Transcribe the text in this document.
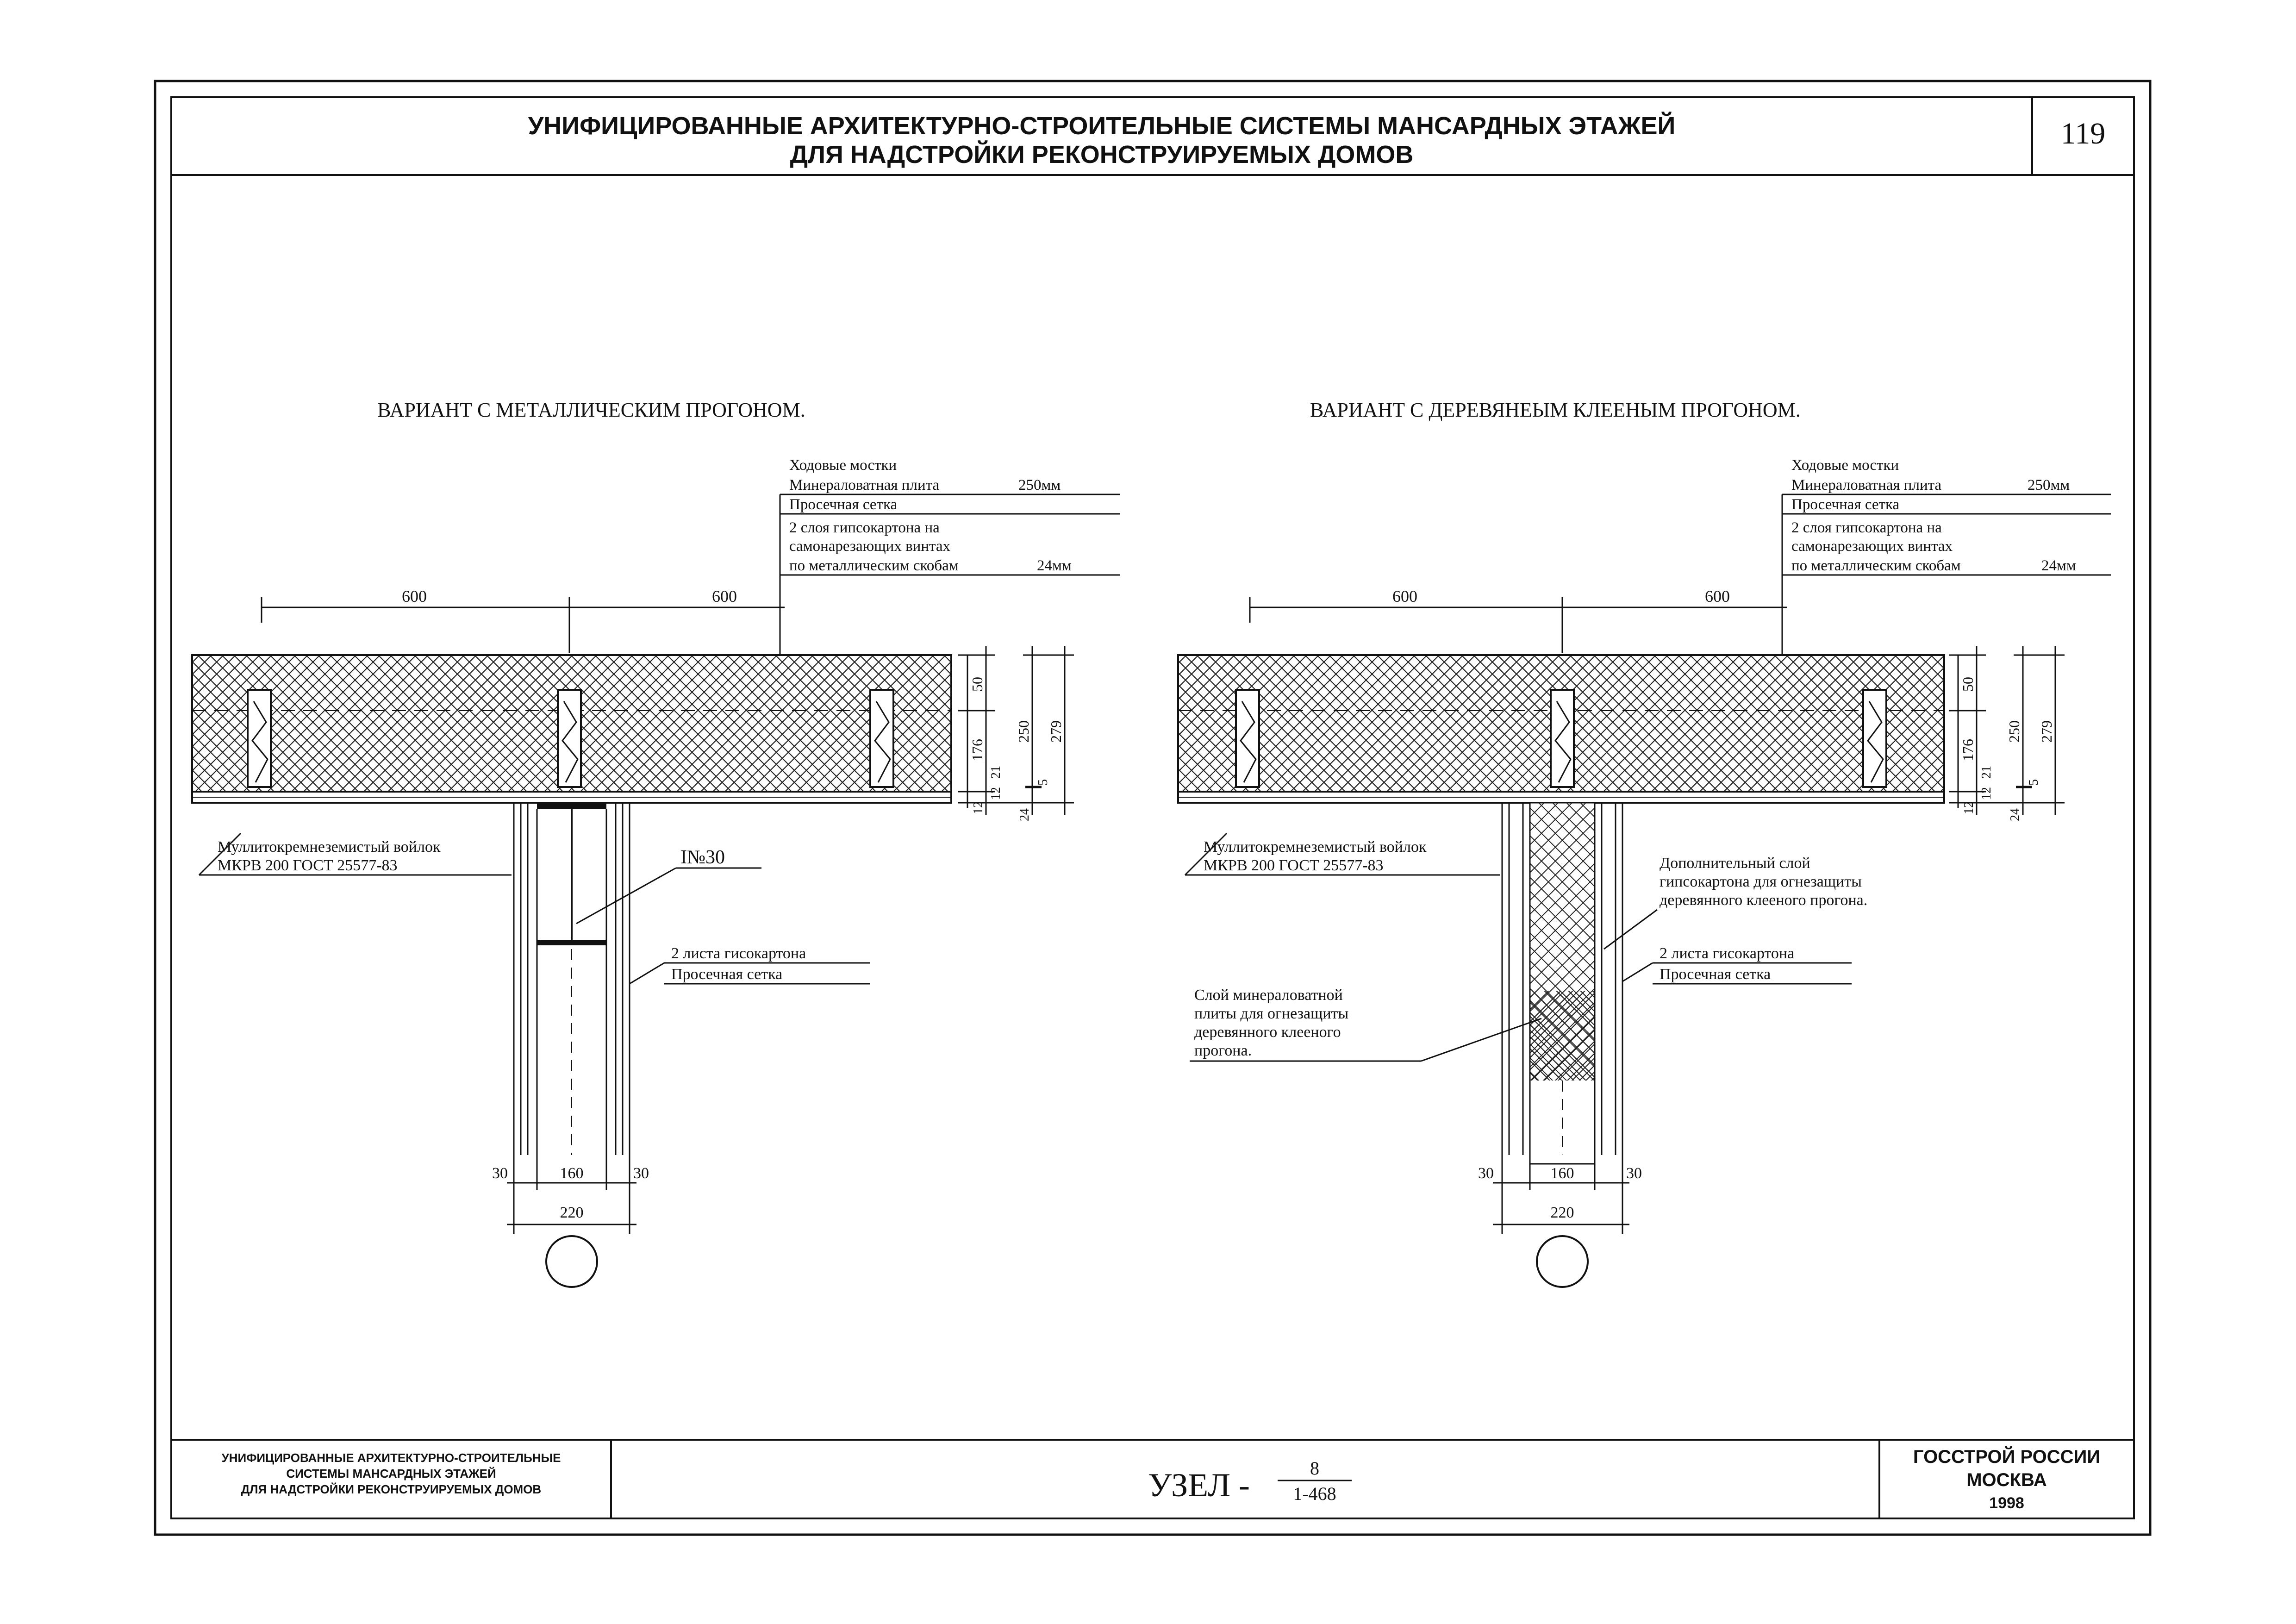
УНИФИЦИРОВАННЫЕ АРХИТЕКТУРНО-СТРОИТЕЛЬНЫЕ СИСТЕМЫ МАНСАРДНЫХ ЭТАЖЕЙ
ДЛЯ НАДСТРОЙКИ РЕКОНСТРУИРУЕМЫХ ДОМОВ
119
ВАРИАНТ С МЕТАЛЛИЧЕСКИМ ПРОГОНОМ.
Ходовые мостки
Минераловатная плита	250мм
Просечная сетка
2 слоя гипсокартона на
самонарезающих винтах
по металлическим скобам	24мм
600	600
I№30
Муллитокремнеземистый войлок
МКРВ 200 ГОСТ 25577-83
2 листа гисокартона
Просечная сетка
50
176
21
12
12
250
5
279
24
30	160	30
220
ВАРИАНТ С ДЕРЕВЯНЕЫМ КЛЕЕНЫМ ПРОГОНОМ.
Ходовые мостки
Минераловатная плита	250мм
Просечная сетка
2 слоя гипсокартона на
самонарезающих винтах
по металлическим скобам	24мм
600	600
Муллитокремнеземистый войлок
МКРВ 200 ГОСТ 25577-83	Дополнительный слой
гипсокартона для огнезащиты
деревянного клееного прогона.
2 листа гисокартона
Просечная сетка
Слой минераловатной
плиты для огнезащиты
деревянного клееного
прогона.
50
176
21
12
12
250
5
279
24
30	160	30
220
УНИФИЦИРОВАННЫЕ АРХИТЕКТУРНО-СТРОИТЕЛЬНЫЕ
СИСТЕМЫ МАНСАРДНЫХ ЭТАЖЕЙ
ДЛЯ НАДСТРОЙКИ РЕКОНСТРУИРУЕМЫХ ДОМОВ	УЗЕЛ -	8
1-468
ГОССТРОЙ РОССИИ
МОСКВА
1998
